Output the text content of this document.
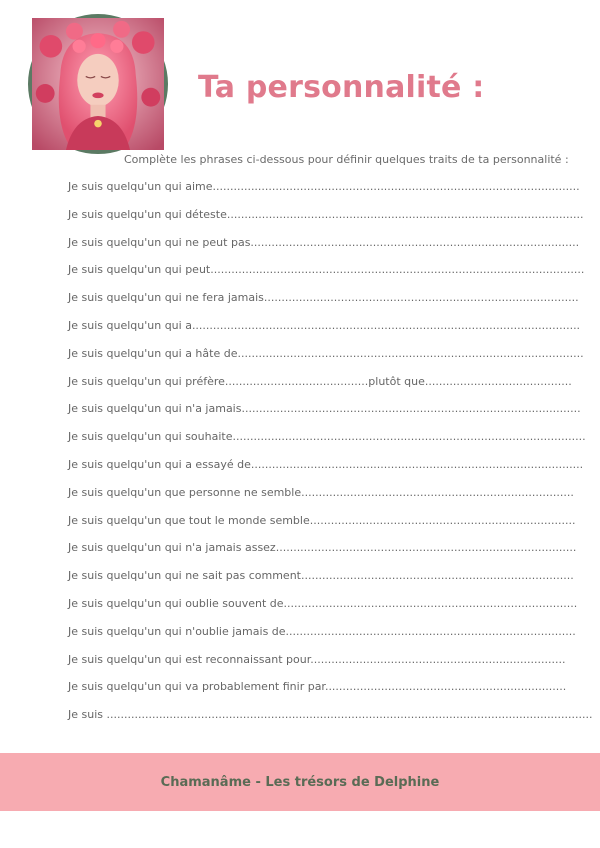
Ta personnalité :
Complète les phrases ci-dessous pour définir quelques traits de ta personnalité :
Je suis quelqu'un qui aime.........................................................................................................
Je suis quelqu'un qui déteste......................................................................................................
Je suis quelqu'un qui ne peut pas..............................................................................................
Je suis quelqu'un qui peut...........................................................................................................
Je suis quelqu'un qui ne fera jamais..........................................................................................
Je suis quelqu'un qui a...............................................................................................................
Je suis quelqu'un qui a hâte de...................................................................................................
Je suis quelqu'un qui préfère.........................................plutôt que..........................................
Je suis quelqu'un qui n'a jamais.................................................................................................
Je suis quelqu'un qui souhaite.....................................................................................................
Je suis quelqu'un qui a essayé de...............................................................................................
Je suis quelqu'un que personne ne semble..............................................................................
Je suis quelqu'un que tout le monde semble............................................................................
Je suis quelqu'un qui n'a jamais assez......................................................................................
Je suis quelqu'un qui ne sait pas comment..............................................................................
Je suis quelqu'un qui oublie souvent de....................................................................................
Je suis quelqu'un qui n'oublie jamais de...................................................................................
Je suis quelqu'un qui est reconnaissant pour.........................................................................
Je suis quelqu'un qui va probablement finir par.....................................................................
Je suis ...........................................................................................................................................
Chamanâme - Les trésors de Delphine
